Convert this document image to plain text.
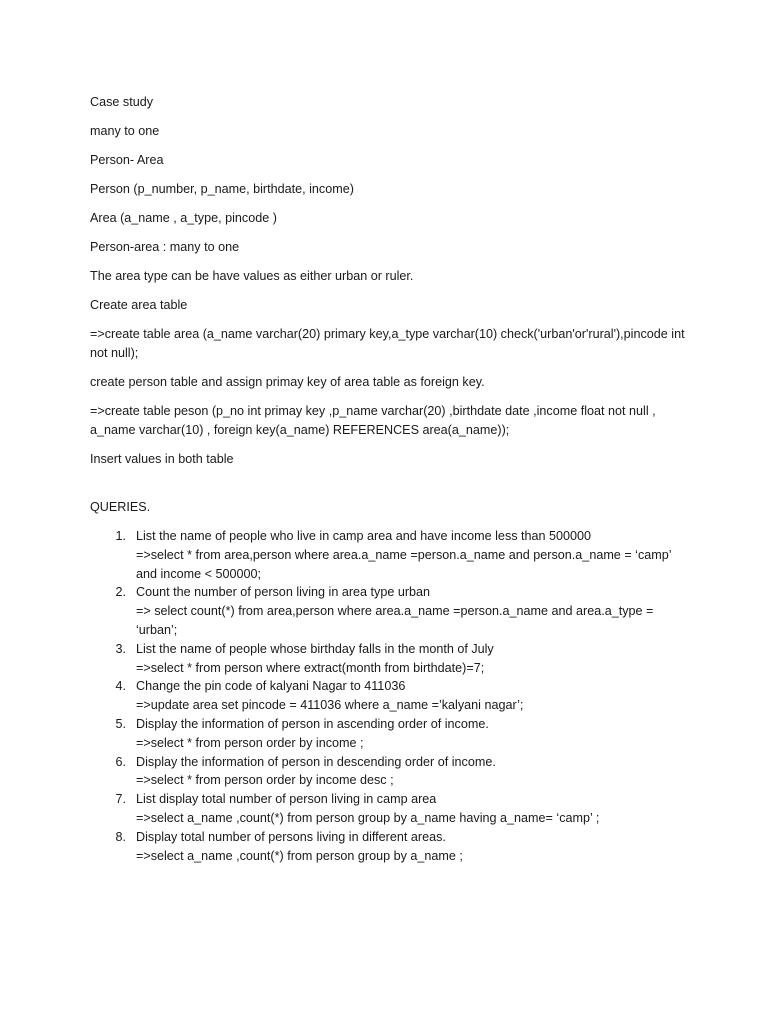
Case study

many to one

Person- Area

Person (p_number, p_name, birthdate, income)

Area (a_name , a_type, pincode )

Person-area : many to one

The area type can be have values as either urban or ruler.

Create area table

=>create table area (a_name varchar(20) primary key,a_type varchar(10) check('urban'or'rural'),pincode int not null);

create person table and assign primay key of area table as foreign key.

=>create table peson (p_no int primay key ,p_name varchar(20) ,birthdate date ,income float not null , a_name varchar(10) , foreign key(a_name) REFERENCES area(a_name));

Insert values in both table

QUERIES.

1. List the name of people who live in camp area and have income less than 500000
=>select * from area,person where area.a_name =person.a_name and person.a_name = ‘camp’ and income < 500000;
2. Count the number of person living in area type urban
=> select count(*) from area,person where area.a_name =person.a_name and area.a_type = ‘urban’;
3. List the name of people whose birthday falls in the month of July
=>select * from person where extract(month from birthdate)=7;
4. Change the pin code of kalyani Nagar to 411036
=>update area set pincode = 411036 where a_name =’kalyani nagar’;
5. Display the information of person in ascending order of income.
=>select * from person order by income ;
6. Display the information of person in descending order of income.
=>select * from person order by income desc ;
7. List display total number of person living in camp area
=>select a_name ,count(*) from person group by a_name having a_name= ‘camp’ ;
8. Display total number of persons living in different areas.
=>select a_name ,count(*) from person group by a_name ;
